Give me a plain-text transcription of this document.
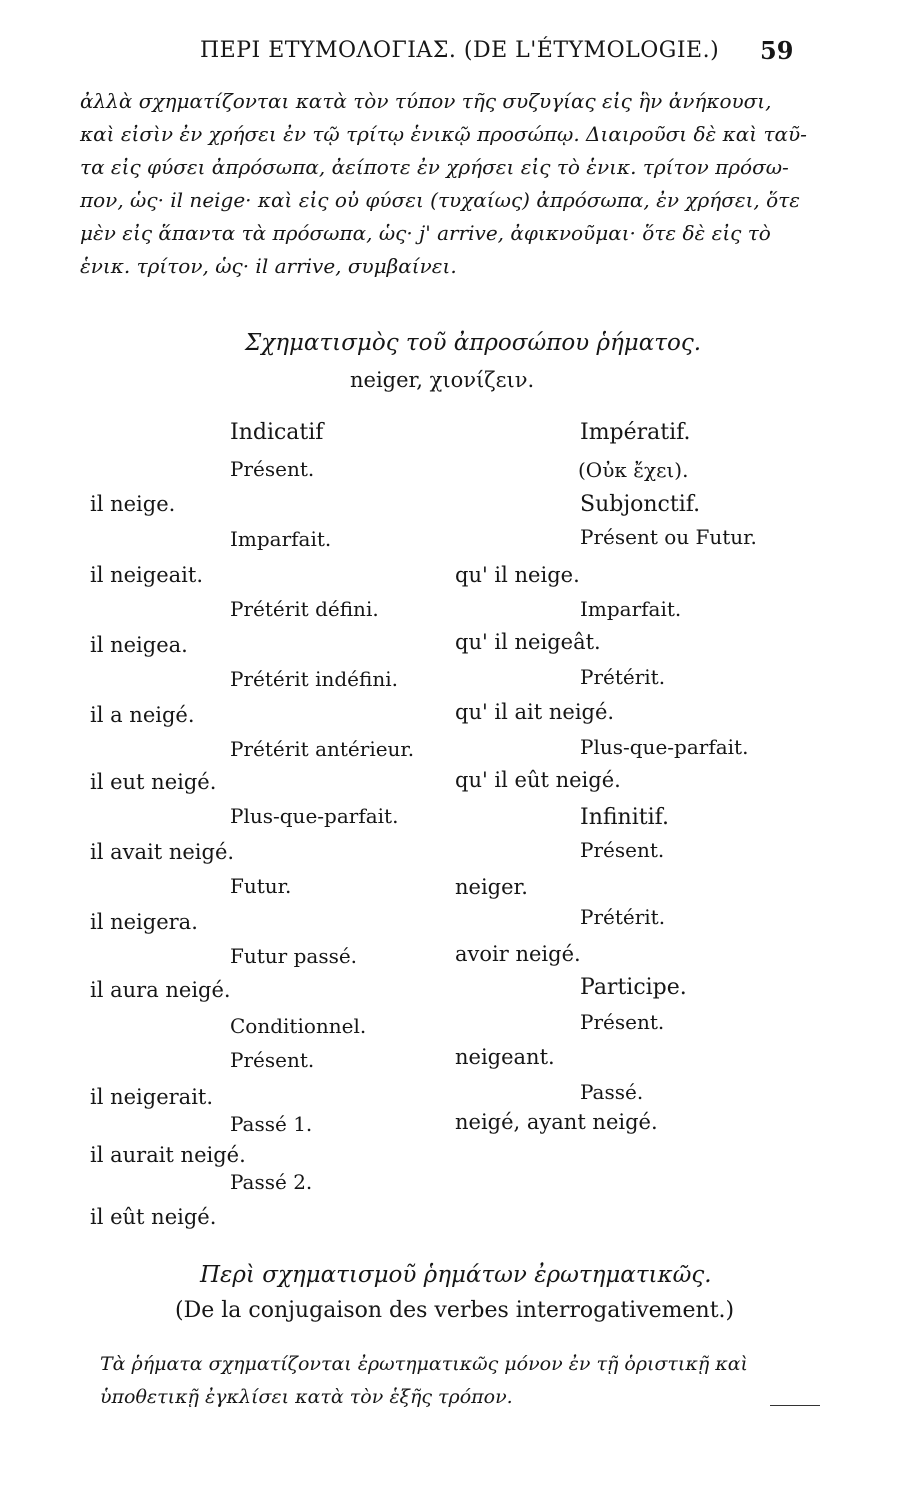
ΠΕΡΙ ΕΤΥΜΟΛΟΓΙΑΣ. (DE L'ÉTYMOLOGIE.) 59
ἀλλὰ σχηματίζονται κατὰ τὸν τύπον τῆς συζυγίας εἰς ἣν ἀνήκουσι,
καὶ εἰσὶν ἐν χρήσει ἐν τῷ τρίτῳ ἑνικῷ προσώπῳ. Διαιροῦσι δὲ καὶ ταῦ-
τα εἰς φύσει ἀπρόσωπα, ἀείποτε ἐν χρήσει εἰς τὸ ἑνικ. τρίτον πρόσω-
πον, ὡς· il neige· καὶ εἰς οὐ φύσει (τυχαίως) ἀπρόσωπα, ἐν χρήσει, ὅτε
μὲν εἰς ἅπαντα τὰ πρόσωπα, ὡς· j' arrive, ἀφικνοῦμαι· ὅτε δὲ εἰς τὸ
ἑνικ. τρίτον, ὡς· il arrive, συμβαίνει.
Σχηματισμὸς τοῦ ἀπροσώπου ῥήματος.
neiger, χιονίζειν.
Indicatif
Présent.
il neige.
Imparfait.
il neigeait.
Prétérit défini.
il neigea.
Prétérit indéfini.
il a neigé.
Prétérit antérieur.
il eut neigé.
Plus-que-parfait.
il avait neigé.
Futur.
il neigera.
Futur passé.
il aura neigé.
Conditionnel.
Présent.
il neigerait.
Passé 1.
il aurait neigé.
Passé 2.
il eût neigé.
Impératif.
(Οὐκ ἔχει).
Subjonctif.
Présent ou Futur.
qu' il neige.
Imparfait.
qu' il neigeât.
Prétérit.
qu' il ait neigé.
Plus-que-parfait.
qu' il eût neigé.
Infinitif.
Présent.
neiger.
Prétérit.
avoir neigé.
Participe.
Présent.
neigeant.
Passé.
neigé, ayant neigé.
Περὶ σχηματισμοῦ ῥημάτων ἐρωτηματικῶς.
(De la conjugaison des verbes interrogativement.)
Τὰ ῥήματα σχηματίζονται ἐρωτηματικῶς μόνον ἐν τῇ ὁριστικῇ καὶ
ὑποθετικῇ ἐγκλίσει κατὰ τὸν ἑξῆς τρόπον.
